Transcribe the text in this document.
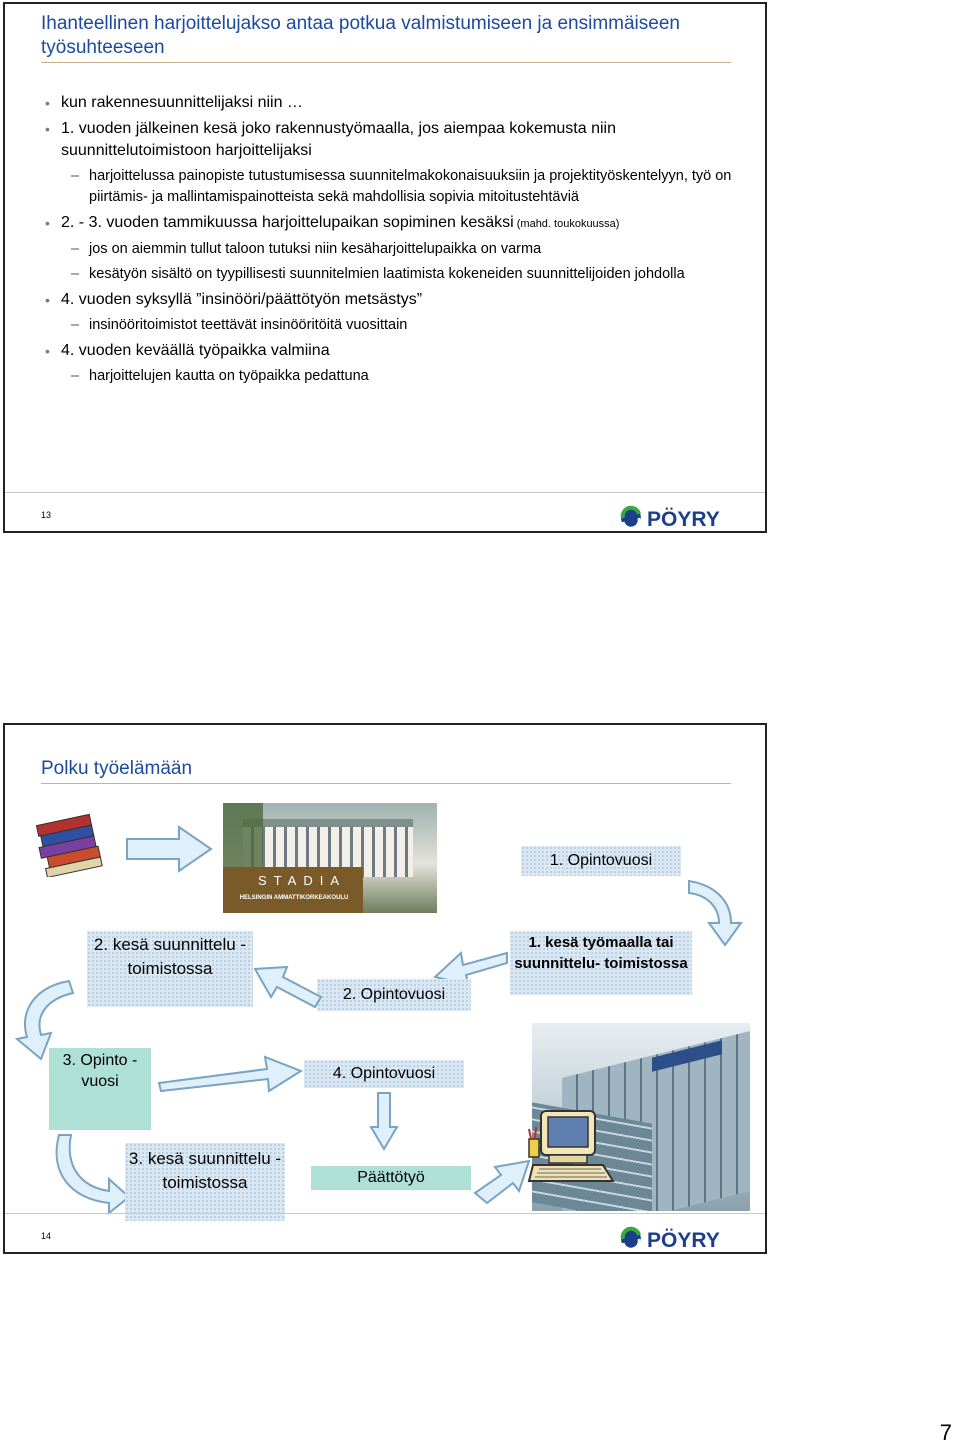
Ihanteellinen harjoittelujakso antaa potkua valmistumiseen ja ensimmäiseen työsuhteeseen
• kun rakennesuunnittelijaksi niin …
• 1. vuoden jälkeinen kesä joko rakennustyömaalla, jos aiempaa kokemusta niin suunnittelutoimistoon harjoittelijaksi
– harjoittelussa painopiste tutustumisessa suunnitelmakokonaisuuksiin ja projektityöskentelyyn, työ on piirtämis- ja mallintamispainotteista sekä mahdollisia sopivia mitoitustehtäviä
• 2. - 3. vuoden tammikuussa harjoittelupaikan sopiminen kesäksi (mahd. toukokuussa)
– jos on aiemmin tullut taloon tutuksi niin kesäharjoittelupaikka on varma
– kesätyön sisältö on tyypillisesti suunnitelmien laatimista kokeneiden suunnittelijoiden johdolla
• 4. vuoden syksyllä ”insinööri/päättötyön metsästys”
– insinööritoimistot teettävät insinööritöitä vuosittain
• 4. vuoden keväällä työpaikka valmiina
– harjoittelujen kautta on työpaikka pedattuna
13	PÖYRY
Polku työelämään
STADIA
HELSINGIN AMMATTIKORKEAKOULU
1. Opintovuosi
1. kesä työmaalla tai suunnittelu- toimistossa
2. Opintovuosi
2. kesä suunnittelu - toimistossa
3. Opinto - vuosi	4. Opintovuosi
Päättötyö
3. kesä suunnittelu - toimistossa
14	PÖYRY
7
